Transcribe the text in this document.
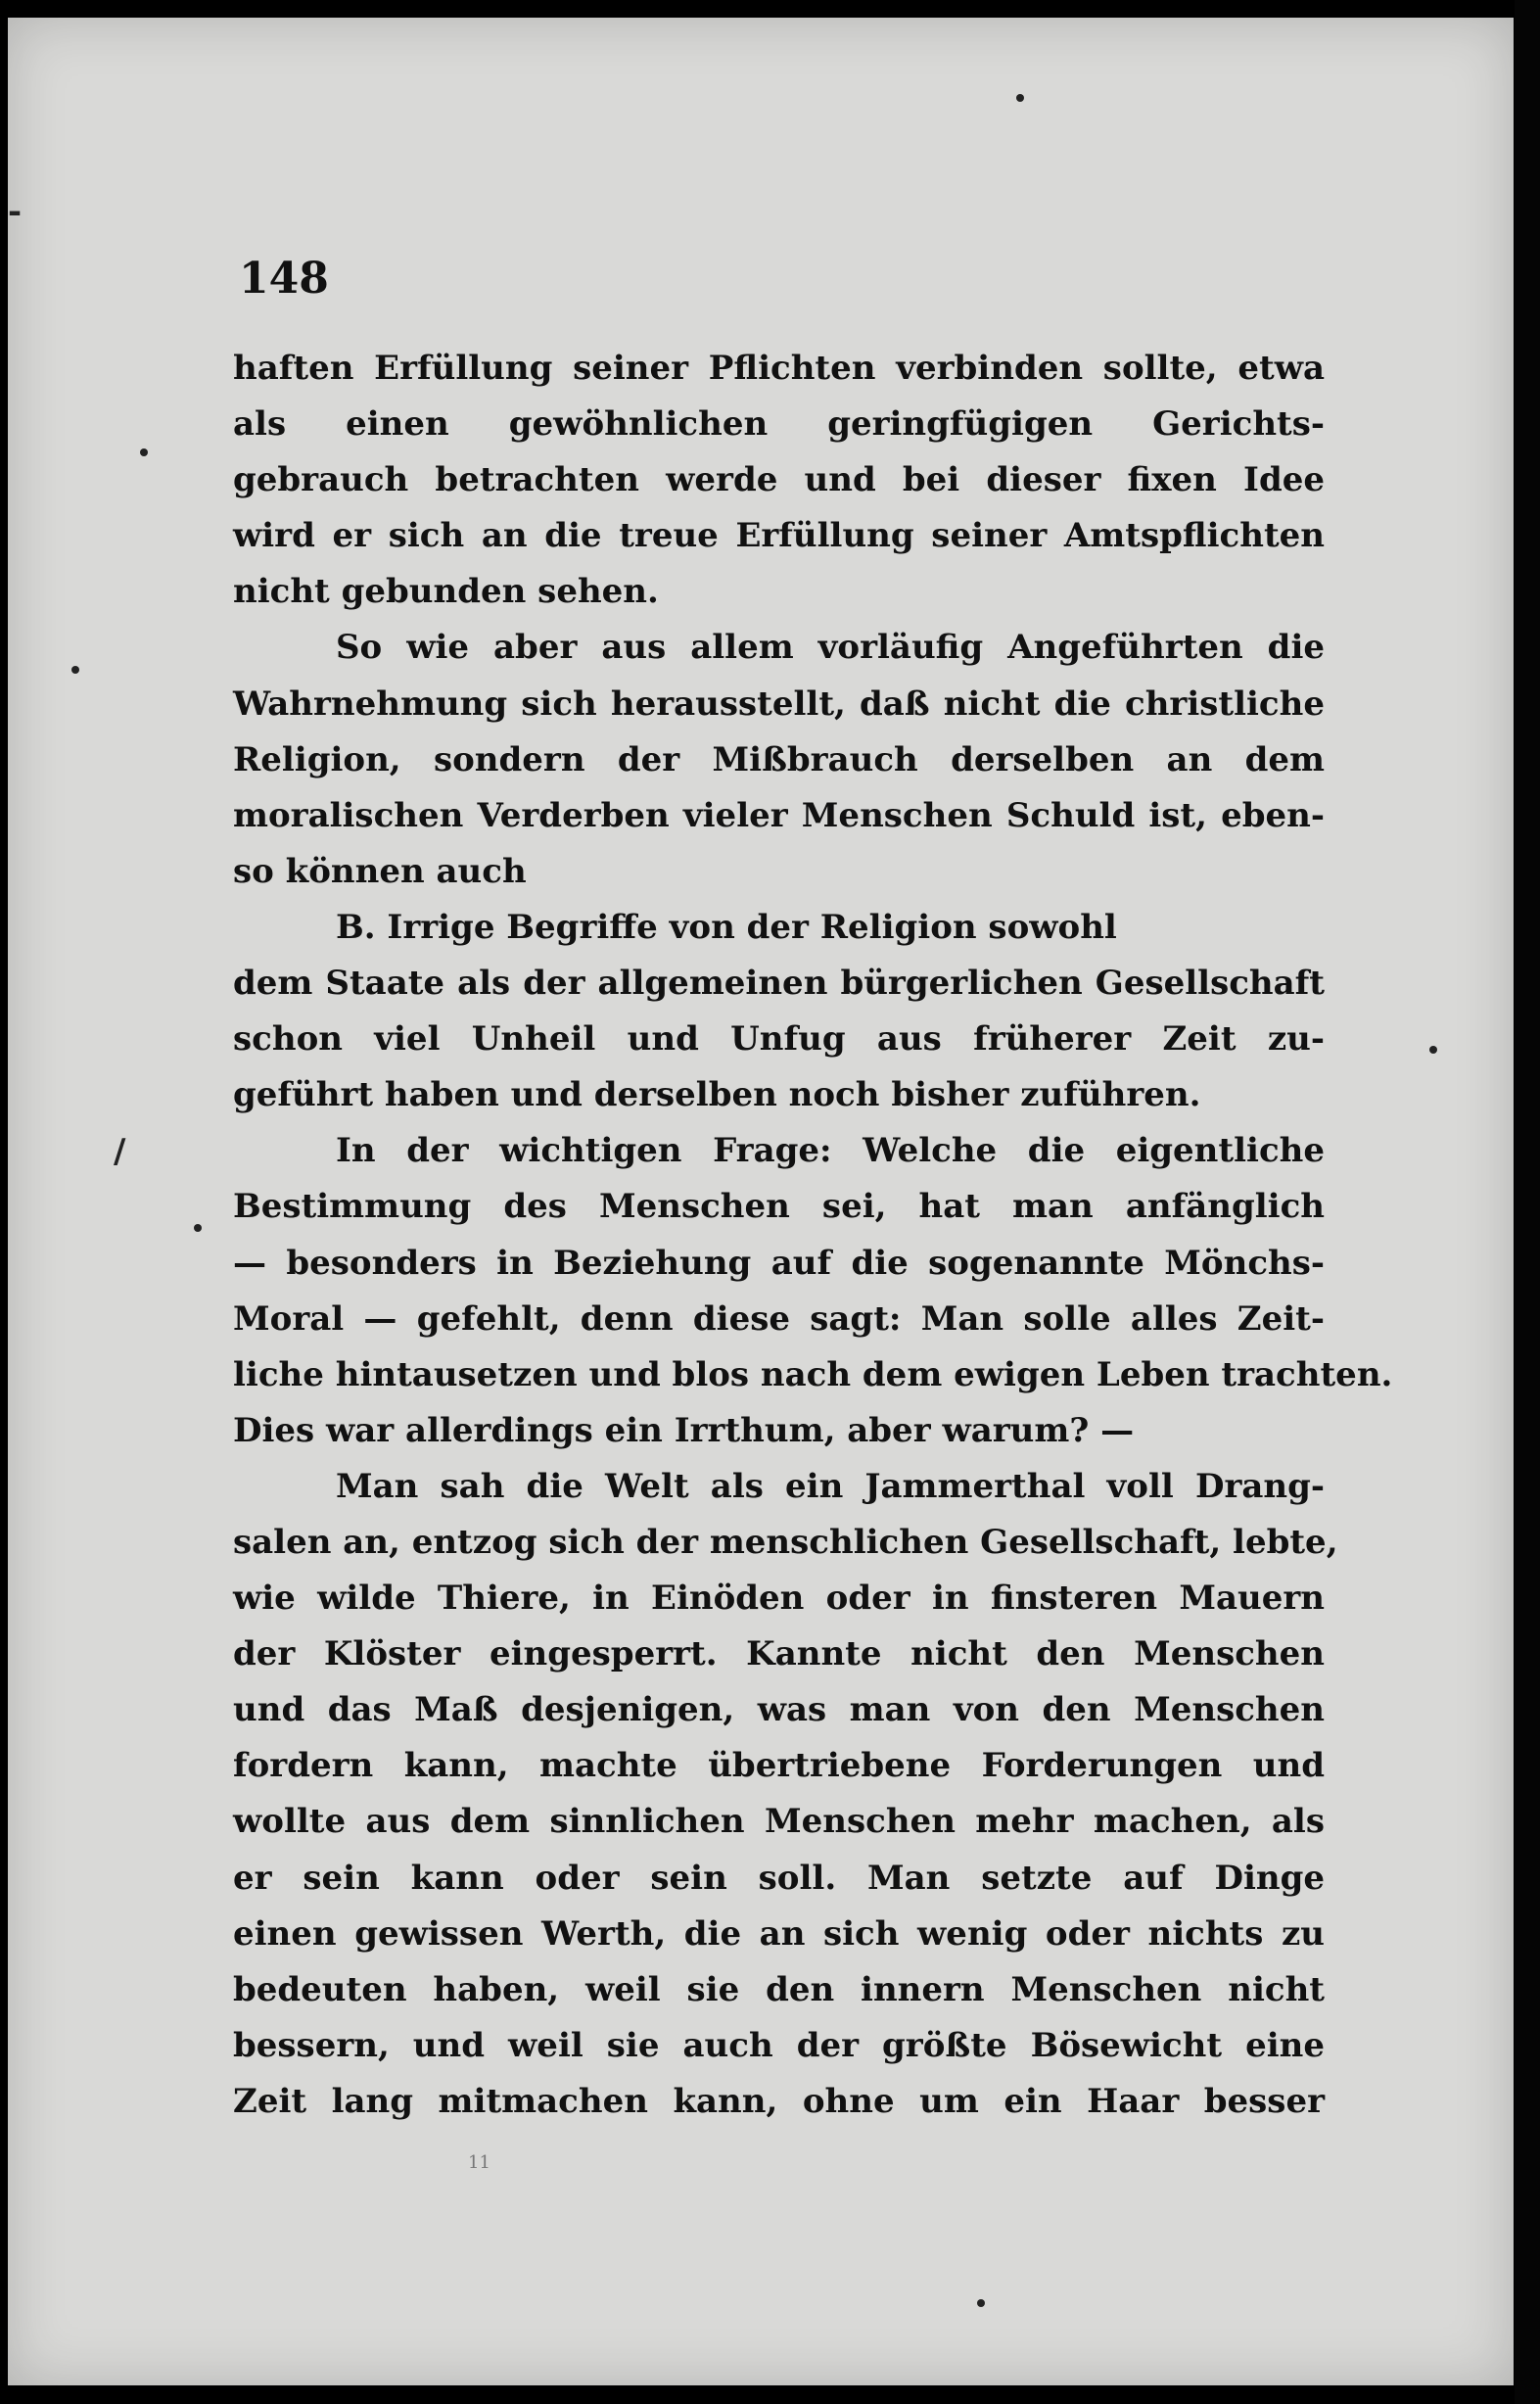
148
haften Erfüllung seiner Pflichten verbinden sollte, etwa
als einen gewöhnlichen geringfügigen Gerichts-
gebrauch betrachten werde und bei dieser fixen Idee
wird er sich an die treue Erfüllung seiner Amtspflichten
nicht gebunden sehen.
So wie aber aus allem vorläufig Angeführten die
Wahrnehmung sich herausstellt, daß nicht die christliche
Religion, sondern der Mißbrauch derselben an dem
moralischen Verderben vieler Menschen Schuld ist, eben-
so können auch
B. Irrige Begriffe von der Religion sowohl
dem Staate als der allgemeinen bürgerlichen Gesellschaft
schon viel Unheil und Unfug aus früherer Zeit zu-
geführt haben und derselben noch bisher zuführen.
In der wichtigen Frage: Welche die eigentliche
Bestimmung des Menschen sei, hat man anfänglich
— besonders in Beziehung auf die sogenannte Mönchs-
Moral — gefehlt, denn diese sagt: Man solle alles Zeit-
liche hintausetzen und blos nach dem ewigen Leben trachten.
Dies war allerdings ein Irrthum, aber warum? —
Man sah die Welt als ein Jammerthal voll Drang-
salen an, entzog sich der menschlichen Gesellschaft, lebte,
wie wilde Thiere, in Einöden oder in finsteren Mauern
der Klöster eingesperrt. Kannte nicht den Menschen
und das Maß desjenigen, was man von den Menschen
fordern kann, machte übertriebene Forderungen und
wollte aus dem sinnlichen Menschen mehr machen, als
er sein kann oder sein soll. Man setzte auf Dinge
einen gewissen Werth, die an sich wenig oder nichts zu
bedeuten haben, weil sie den innern Menschen nicht
bessern, und weil sie auch der größte Bösewicht eine
Zeit lang mitmachen kann, ohne um ein Haar besser
11
/
-
